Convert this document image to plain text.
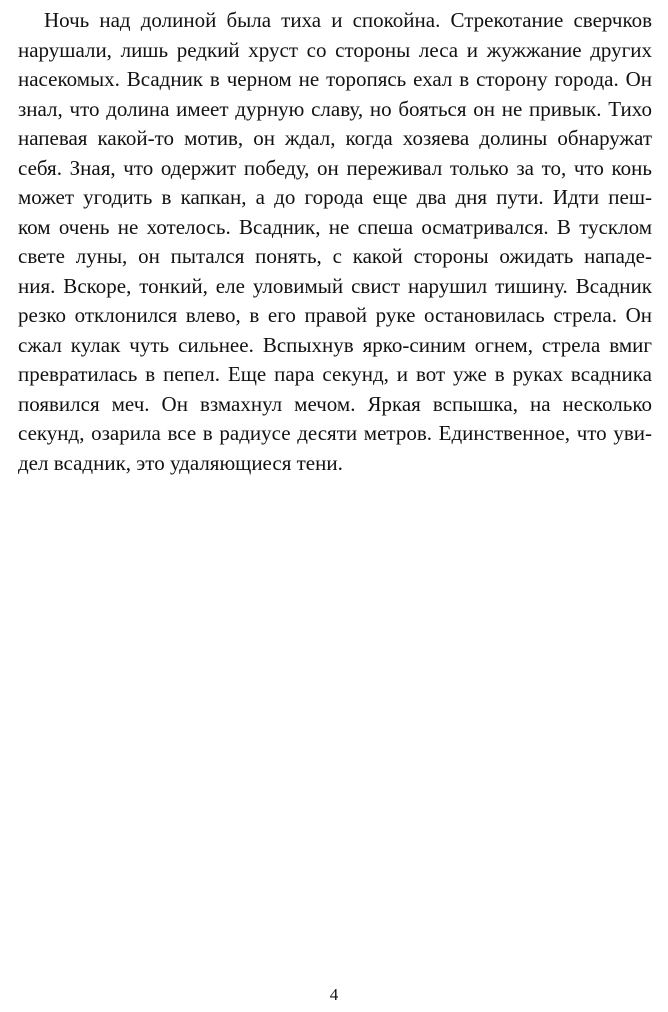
Ночь над долиной была тиха и спокойна. Стрекотание сверчков
нарушали, лишь редкий хруст со стороны леса и жужжание других
насекомых. Всадник в черном не торопясь ехал в сторону города. Он
знал, что долина имеет дурную славу, но бояться он не привык. Тихо
напевая какой-то мотив, он ждал, когда хозяева долины обнаружат
себя. Зная, что одержит победу, он переживал только за то, что конь
может угодить в капкан, а до города еще два дня пути. Идти пеш-
ком очень не хотелось. Всадник, не спеша осматривался. В тусклом
свете луны, он пытался понять, с какой стороны ожидать нападе-
ния. Вскоре, тонкий, еле уловимый свист нарушил тишину. Всадник
резко отклонился влево, в его правой руке остановилась стрела. Он
сжал кулак чуть сильнее. Вспыхнув ярко-синим огнем, стрела вмиг
превратилась в пепел. Еще пара секунд, и вот уже в руках всадника
появился меч. Он взмахнул мечом. Яркая вспышка, на несколько
секунд, озарила все в радиусе десяти метров. Единственное, что уви-
дел всадник, это удаляющиеся тени.
4
